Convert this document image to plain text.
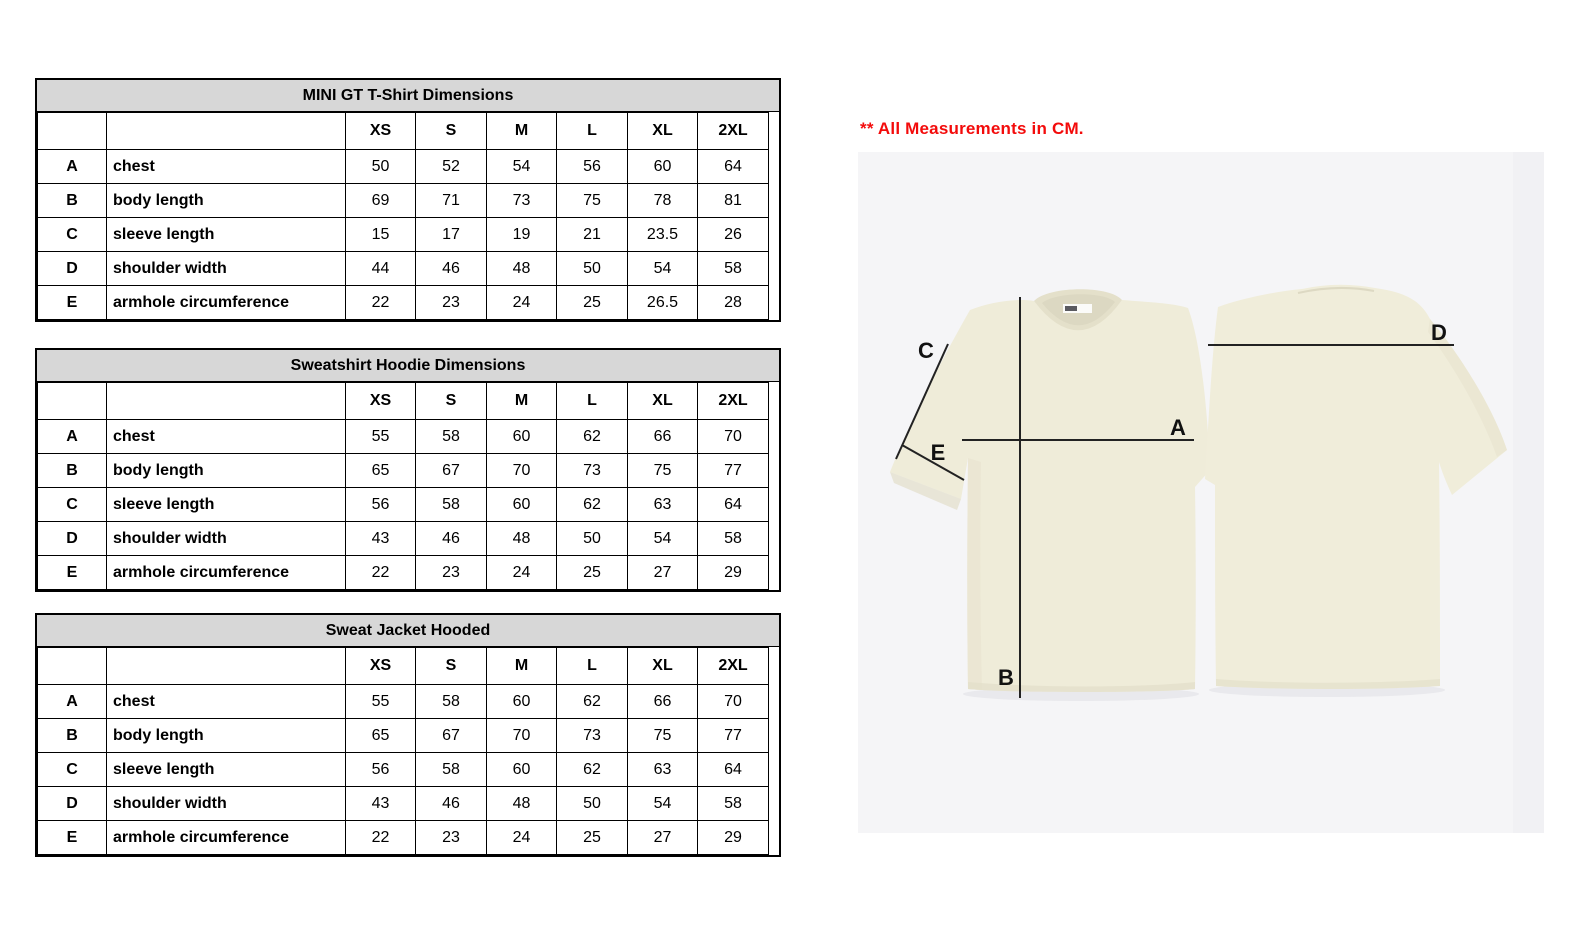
MINI GT T-Shirt Dimensions
		XS	S	M	L	XL	2XL
A	chest	50	52	54	56	60	64
B	body length	69	71	73	75	78	81
C	sleeve length	15	17	19	21	23.5	26
D	shoulder width	44	46	48	50	54	58
E	armhole circumference	22	23	24	25	26.5	28
Sweatshirt Hoodie Dimensions
		XS	S	M	L	XL	2XL
A	chest	55	58	60	62	66	70
B	body length	65	67	70	73	75	77
C	sleeve length	56	58	60	62	63	64
D	shoulder width	43	46	48	50	54	58
E	armhole circumference	22	23	24	25	27	29
Sweat Jacket Hooded
		XS	S	M	L	XL	2XL
A	chest	55	58	60	62	66	70
B	body length	65	67	70	73	75	77
C	sleeve length	56	58	60	62	63	64
D	shoulder width	43	46	48	50	54	58
E	armhole circumference	22	23	24	25	27	29
** All Measurements in CM.
A
B
C
D
E
